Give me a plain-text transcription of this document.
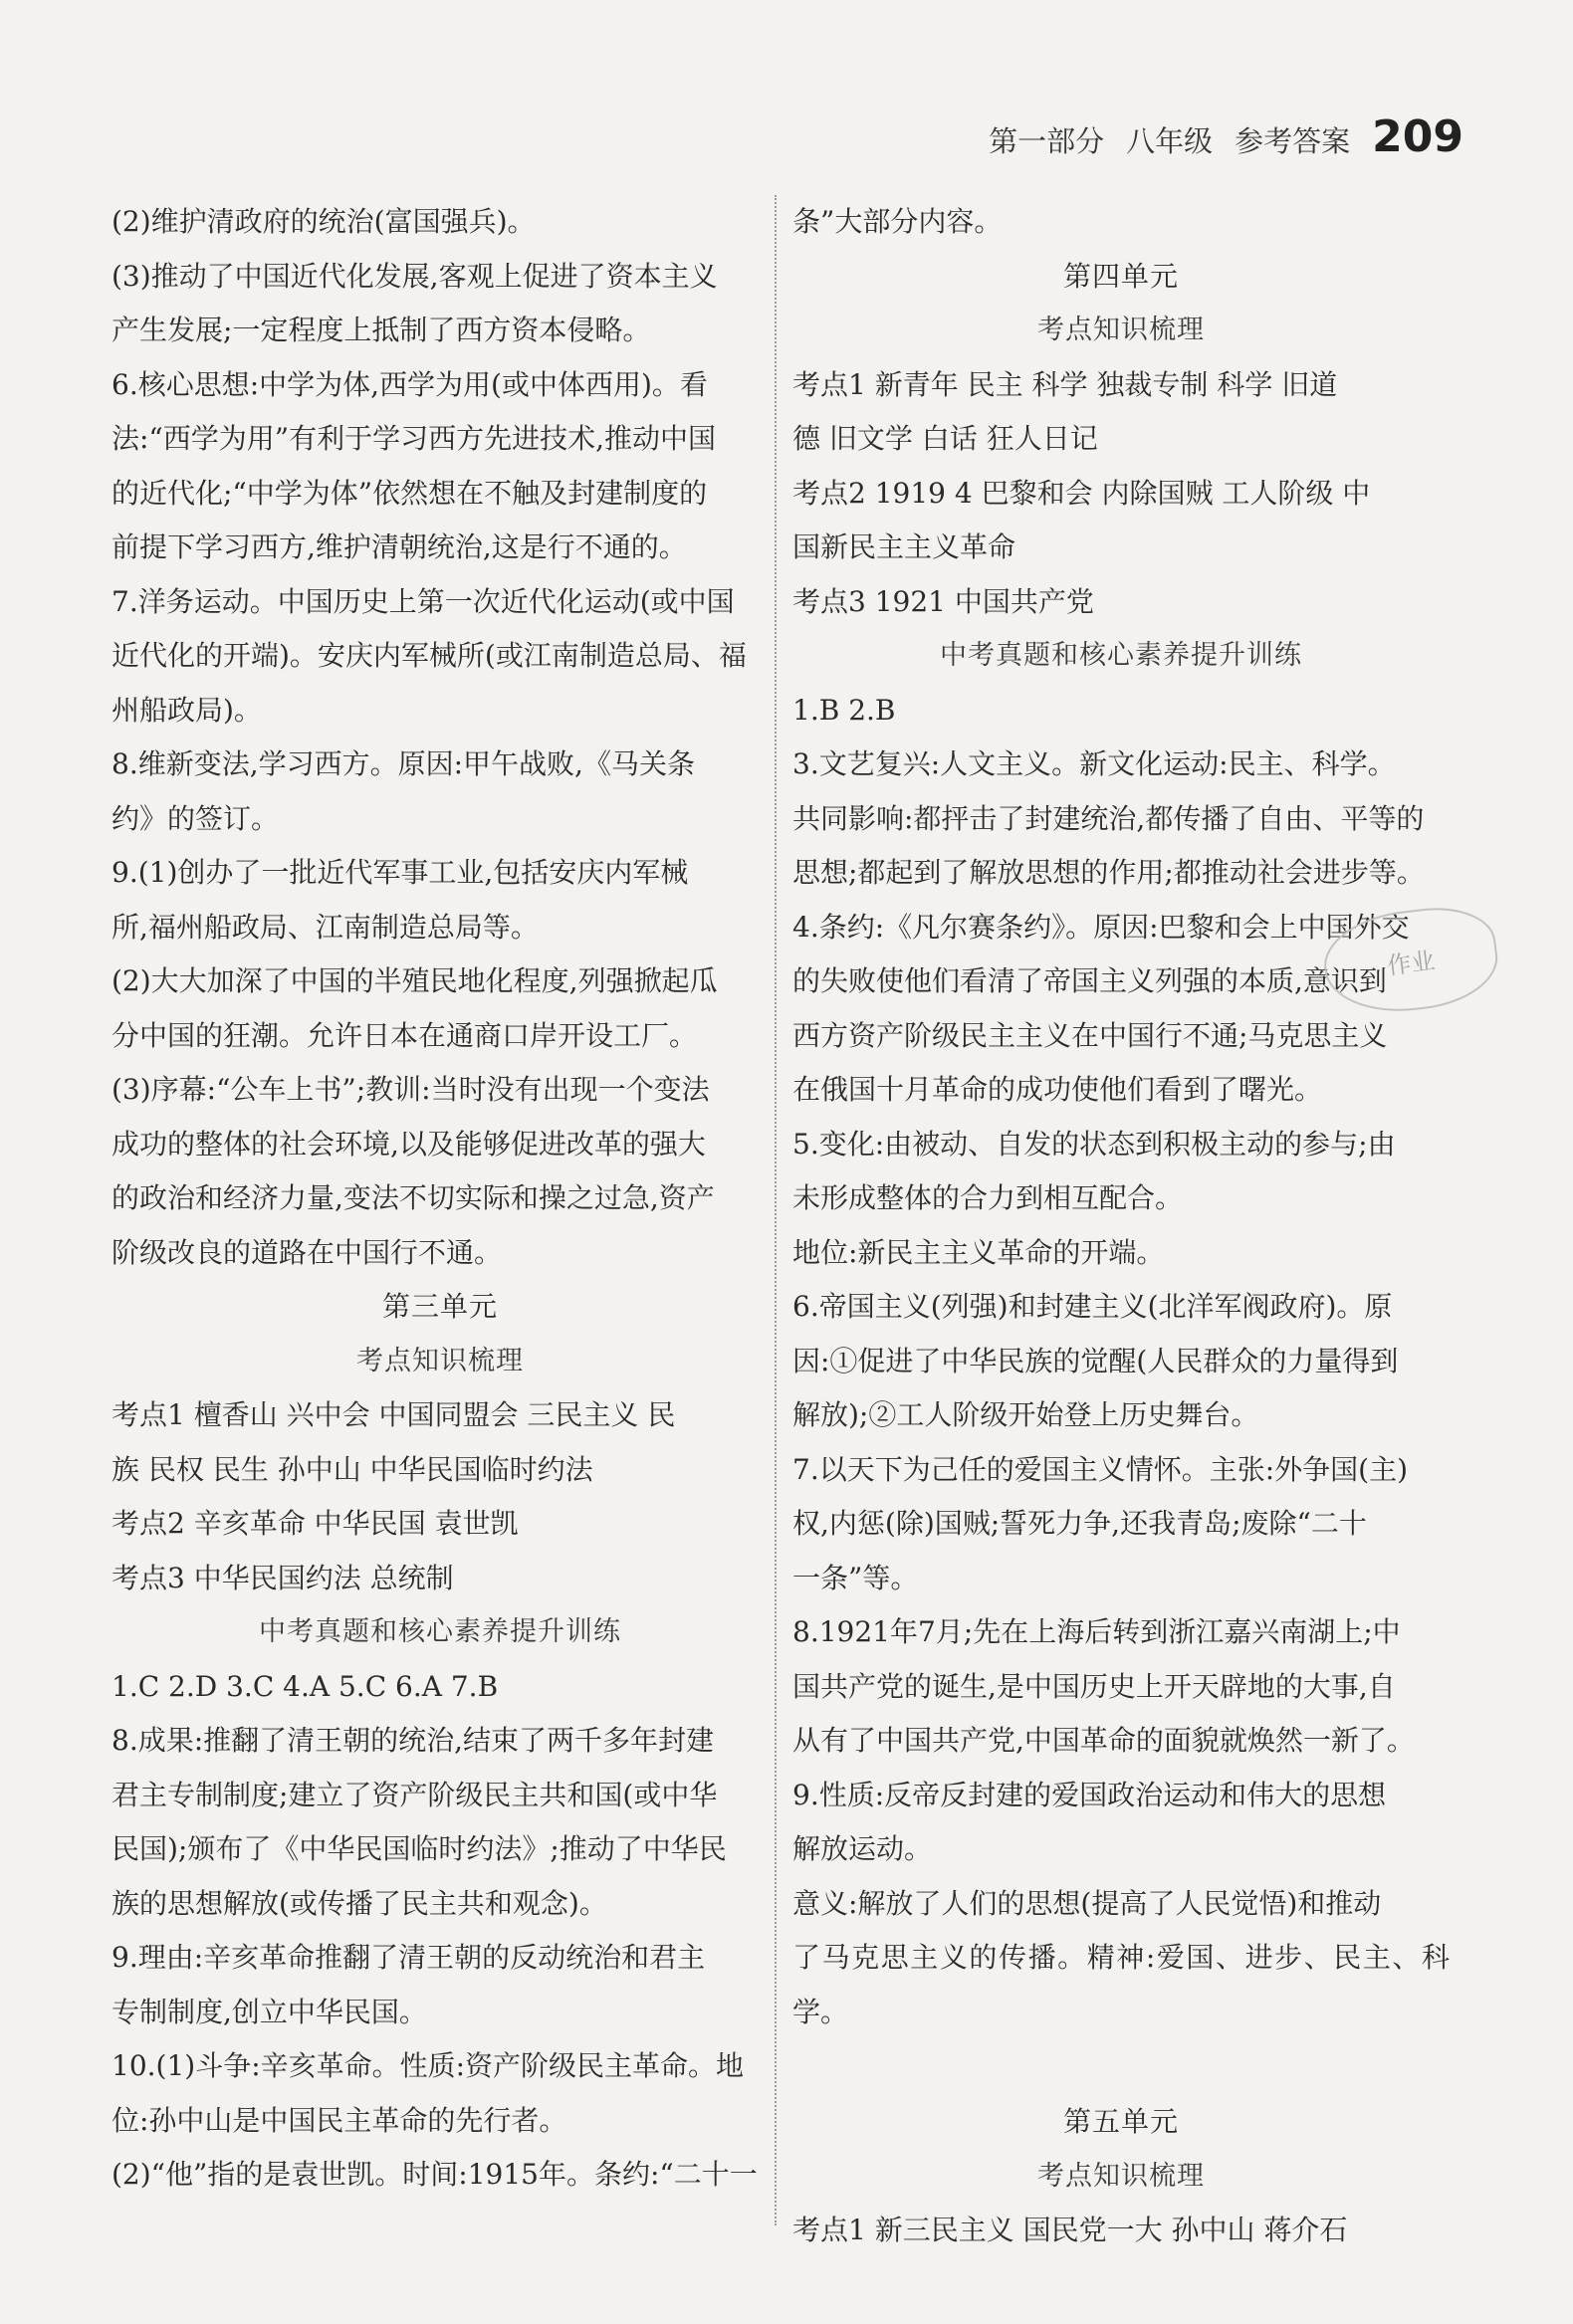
第一部分 八年级 参考答案 209
(2)维护清政府的统治(富国强兵)。
(3)推动了中国近代化发展,客观上促进了资本主义
产生发展;一定程度上抵制了西方资本侵略。
6.核心思想:中学为体,西学为用(或中体西用)。看
法:“西学为用”有利于学习西方先进技术,推动中国
的近代化;“中学为体”依然想在不触及封建制度的
前提下学习西方,维护清朝统治,这是行不通的。
7.洋务运动。中国历史上第一次近代化运动(或中国
近代化的开端)。安庆内军械所(或江南制造总局、福
州船政局)。
8.维新变法,学习西方。原因:甲午战败,《马关条
约》的签订。
9.(1)创办了一批近代军事工业,包括安庆内军械
所,福州船政局、江南制造总局等。
(2)大大加深了中国的半殖民地化程度,列强掀起瓜
分中国的狂潮。允许日本在通商口岸开设工厂。
(3)序幕:“公车上书”;教训:当时没有出现一个变法
成功的整体的社会环境,以及能够促进改革的强大
的政治和经济力量,变法不切实际和操之过急,资产
阶级改良的道路在中国行不通。
第三单元
考点知识梳理
考点1 檀香山 兴中会 中国同盟会 三民主义 民
族 民权 民生 孙中山 中华民国临时约法
考点2 辛亥革命 中华民国 袁世凯
考点3 中华民国约法 总统制
中考真题和核心素养提升训练
1.C 2.D 3.C 4.A 5.C 6.A 7.B
8.成果:推翻了清王朝的统治,结束了两千多年封建
君主专制制度;建立了资产阶级民主共和国(或中华
民国);颁布了《中华民国临时约法》;推动了中华民
族的思想解放(或传播了民主共和观念)。
9.理由:辛亥革命推翻了清王朝的反动统治和君主
专制制度,创立中华民国。
10.(1)斗争:辛亥革命。性质:资产阶级民主革命。地
位:孙中山是中国民主革命的先行者。
(2)“他”指的是袁世凯。时间:1915年。条约:“二十一
条”大部分内容。
第四单元
考点知识梳理
考点1 新青年 民主 科学 独裁专制 科学 旧道
德 旧文学 白话 狂人日记
考点2 1919 4 巴黎和会 内除国贼 工人阶级 中
国新民主主义革命
考点3 1921 中国共产党
中考真题和核心素养提升训练
1.B 2.B
3.文艺复兴:人文主义。新文化运动:民主、科学。
共同影响:都抨击了封建统治,都传播了自由、平等的
思想;都起到了解放思想的作用;都推动社会进步等。
4.条约:《凡尔赛条约》。原因:巴黎和会上中国外交
的失败使他们看清了帝国主义列强的本质,意识到
西方资产阶级民主主义在中国行不通;马克思主义
在俄国十月革命的成功使他们看到了曙光。
5.变化:由被动、自发的状态到积极主动的参与;由
未形成整体的合力到相互配合。
地位:新民主主义革命的开端。
6.帝国主义(列强)和封建主义(北洋军阀政府)。原
因:①促进了中华民族的觉醒(人民群众的力量得到
解放);②工人阶级开始登上历史舞台。
7.以天下为己任的爱国主义情怀。主张:外争国(主)
权,内惩(除)国贼;誓死力争,还我青岛;废除“二十
一条”等。
8.1921年7月;先在上海后转到浙江嘉兴南湖上;中
国共产党的诞生,是中国历史上开天辟地的大事,自
从有了中国共产党,中国革命的面貌就焕然一新了。
9.性质:反帝反封建的爱国政治运动和伟大的思想
解放运动。
意义:解放了人们的思想(提高了人民觉悟)和推动
了马克思主义的传播。精神:爱国、进步、民主、科学。
第五单元
考点知识梳理
考点1 新三民主义 国民党一大 孙中山 蒋介石
作业
